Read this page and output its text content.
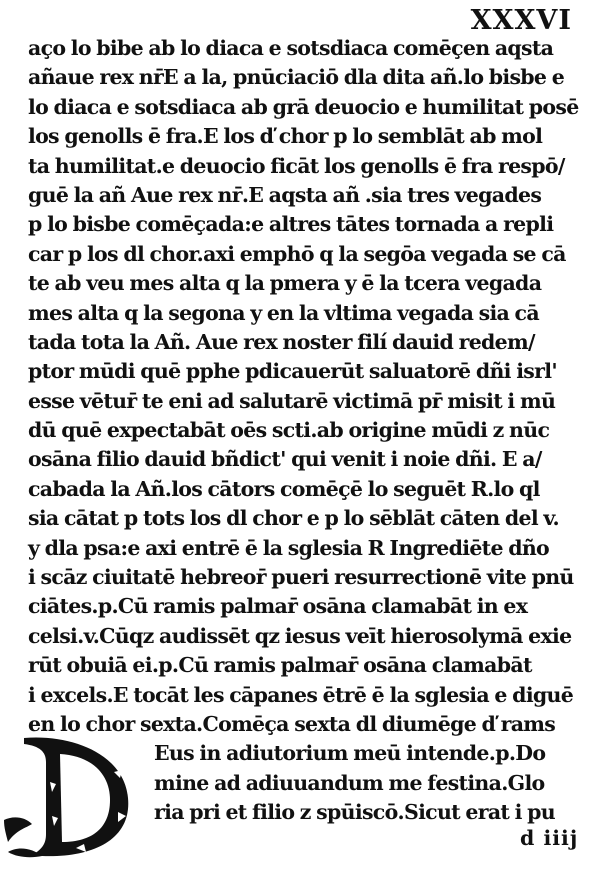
XXXVI
aço lo bibe ab lo diaca e sotsdiaca comēçen aqsta
añaue rex nr̄E a la, pnūciaciō dla dita añ.lo bisbe e
lo diaca e sotsdiaca ab grā deuocio e humilitat posē
los genolls ē fra.E los ď chor p lo semblāt ab mol
ta humilitat.e deuocio ficāt los genolls ē fra respō/
guē la añ Aue rex nr̄.E aqsta añ .sia tres vegades
p lo bisbe comēçada:e altres tātes tornada a repli
car p los dl chor.axi emphō q la segōa vegada se cā
te ab veu mes alta q la pmera y ē la tcera vegada
mes alta q la segona y en la vltima vegada sia cā
tada tota la Añ. Aue rex noster filí dauid redem/
ptor mūdi quē pphe pdicauerūt saluatorē dñi isrl'
esse vētur̄ te eni ad salutarē victimā pr̄ misit i mū
dū quē expectabāt oēs scti.ab origine mūdi z nūc
osāna filio dauid bñdict' qui venit i noie dñi. E a/
cabada la Añ.los cātors comēçē lo seguēt R.lo ql
sia cātat p tots los dl chor e p lo sēblāt cāten del v.
y dla psa:e axi entrē ē la sglesia R Ingrediēte dño
i scāz ciuitatē hebreor̄ pueri resurrectionē vite pnū
ciātes.p.Cū ramis palmar̄ osāna clamabāt in ex
celsi.v.Cūqz audissēt qz iesus veīt hierosolymā exie
rūt obuiā ei.p.Cū ramis palmar̄ osāna clamabāt
i excels.E tocāt les cāpanes ētrē ē la sglesia e diguē
en lo chor sexta.Comēça sexta dl diumēge ď rams
Eus in adiutorium meū intende.p.Do
mine ad adiuuandum me festina.Glo
ria pri et filio z spūiscō.Sicut erat i pu
d iiij
